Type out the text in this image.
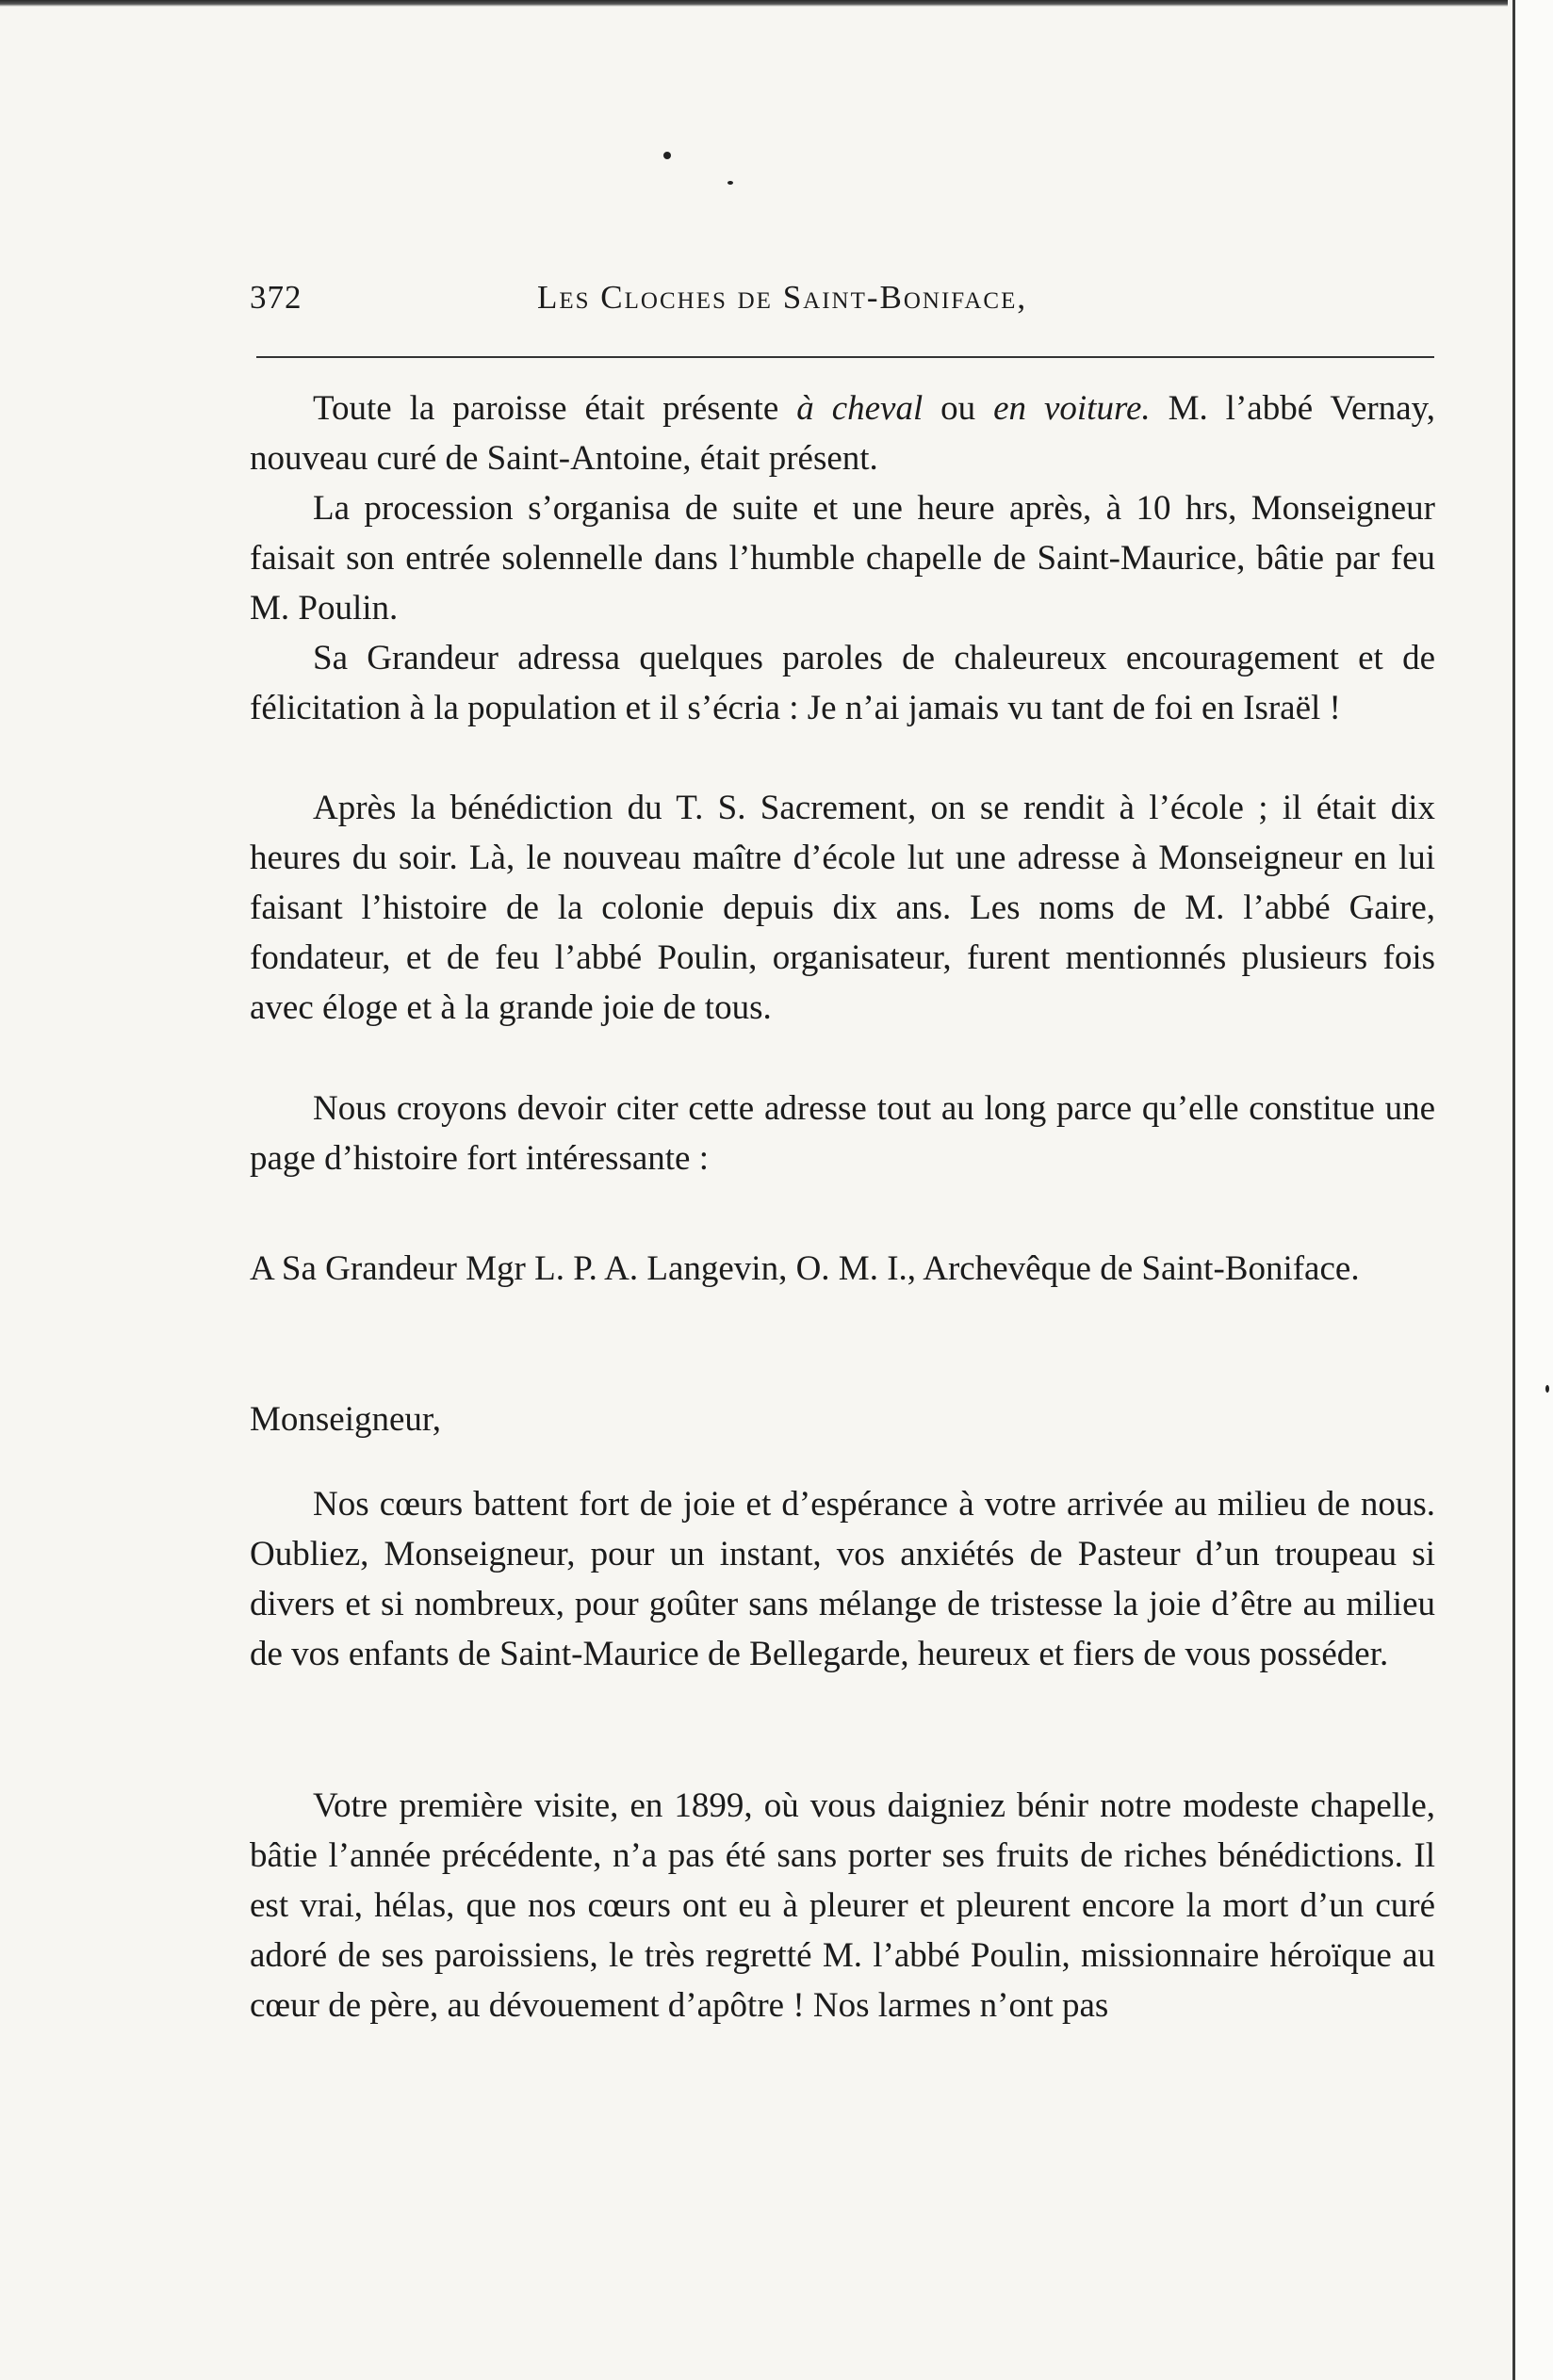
372	Les Cloches de Saint-Boniface,

Toute la paroisse était présente à cheval ou en voiture. M. l’abbé Vernay, nouveau curé de Saint-Antoine, était présent.

La procession s’organisa de suite et une heure après, à 10 hrs, Monseigneur faisait son entrée solennelle dans l’humble chapelle de Saint-Maurice, bâtie par feu M. Poulin.

Sa Grandeur adressa quelques paroles de chaleureux encouragement et de félicitation à la population et il s’écria : Je n’ai jamais vu tant de foi en Israël !

Après la bénédiction du T. S. Sacrement, on se rendit à l’école ; il était dix heures du soir. Là, le nouveau maître d’école lut une adresse à Monseigneur en lui faisant l’histoire de la colonie depuis dix ans. Les noms de M. l’abbé Gaire, fondateur, et de feu l’abbé Poulin, organisateur, furent mentionnés plusieurs fois avec éloge et à la grande joie de tous.

Nous croyons devoir citer cette adresse tout au long parce qu’elle constitue une page d’histoire fort intéressante :

A Sa Grandeur Mgr L. P. A. Langevin, O. M. I., Archevêque de Saint-Boniface.

Monseigneur,

Nos cœurs battent fort de joie et d’espérance à votre arrivée au milieu de nous. Oubliez, Monseigneur, pour un instant, vos anxiétés de Pasteur d’un troupeau si divers et si nombreux, pour goûter sans mélange de tristesse la joie d’être au milieu de vos enfants de Saint-Maurice de Bellegarde, heureux et fiers de vous posséder.

Votre première visite, en 1899, où vous daigniez bénir notre modeste chapelle, bâtie l’année précédente, n’a pas été sans porter ses fruits de riches bénédictions. Il est vrai, hélas, que nos cœurs ont eu à pleurer et pleurent encore la mort d’un curé adoré de ses paroissiens, le très regretté M. l’abbé Poulin, missionnaire héroïque au cœur de père, au dévouement d’apôtre ! Nos larmes n’ont pas
